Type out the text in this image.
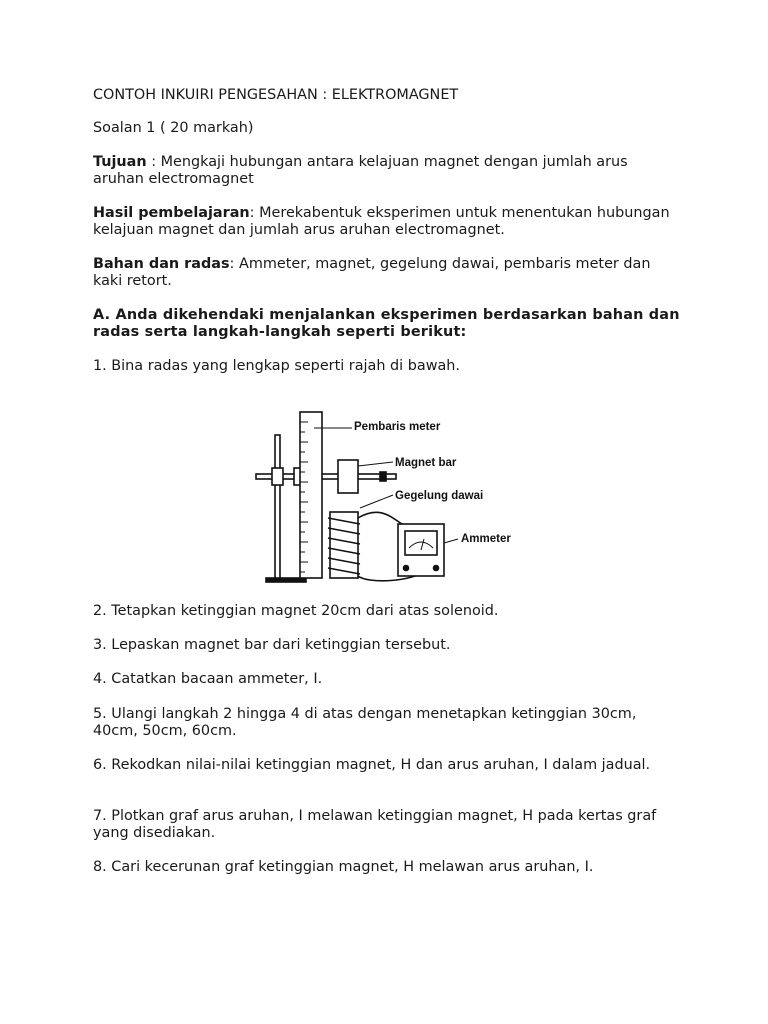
CONTOH INKUIRI PENGESAHAN : ELEKTROMAGNET

Soalan 1 ( 20 markah)

Tujuan : Mengkaji hubungan antara kelajuan magnet dengan jumlah arus aruhan electromagnet

Hasil pembelajaran: Merekabentuk eksperimen untuk menentukan hubungan kelajuan magnet dan jumlah arus aruhan electromagnet.

Bahan dan radas: Ammeter, magnet, gegelung dawai, pembaris meter dan kaki retort.

A. Anda dikehendaki menjalankan eksperimen berdasarkan bahan dan radas serta langkah-langkah seperti berikut:

1. Bina radas yang lengkap seperti rajah di bawah.

Pembaris meter
Magnet bar
Gegelung dawai
Ammeter

2. Tetapkan ketinggian magnet 20cm dari atas solenoid.

3. Lepaskan magnet bar dari ketinggian tersebut.

4. Catatkan bacaan ammeter, I.

5. Ulangi langkah 2 hingga 4 di atas dengan menetapkan ketinggian 30cm, 40cm, 50cm, 60cm.

6. Rekodkan nilai-nilai ketinggian magnet, H dan arus aruhan, I dalam jadual.

7. Plotkan graf arus aruhan, I melawan ketinggian magnet, H pada kertas graf yang disediakan.

8. Cari kecerunan graf ketinggian magnet, H melawan arus aruhan, I.
